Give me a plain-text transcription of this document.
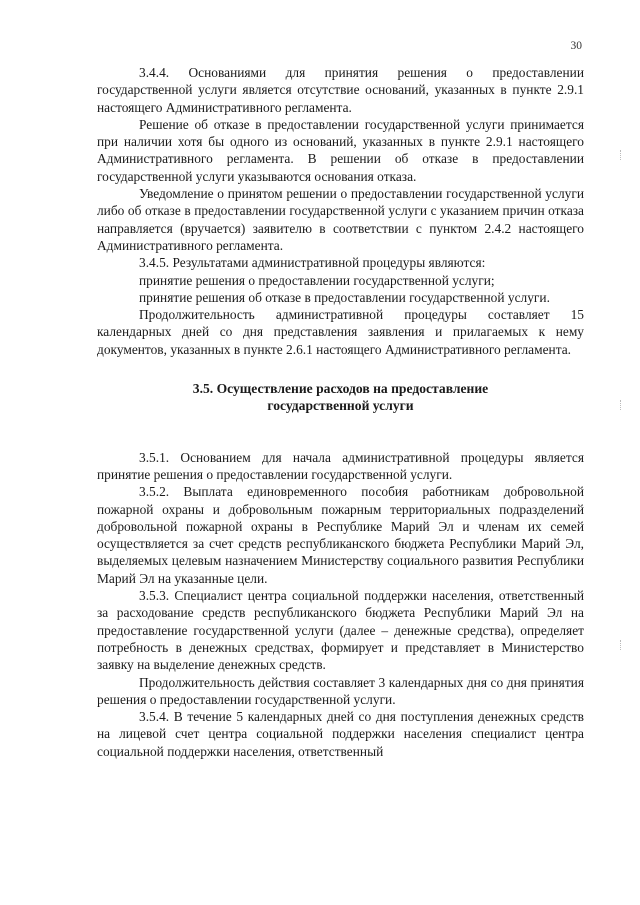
30

3.4.4. Основаниями для принятия решения о предоставлении государственной услуги является отсутствие оснований, указанных в пункте 2.9.1 настоящего Административного регламента.

Решение об отказе в предоставлении государственной услуги принимается при наличии хотя бы одного из оснований, указанных в пункте 2.9.1 настоящего Административного регламента. В решении об отказе в предоставлении государственной услуги указываются основания отказа.

Уведомление о принятом решении о предоставлении государственной услуги либо об отказе в предоставлении государственной услуги с указанием причин отказа направляется (вручается) заявителю в соответствии с пунктом 2.4.2 настоящего Административного регламента.

3.4.5. Результатами административной процедуры являются:

принятие решения о предоставлении государственной услуги;

принятие решения об отказе в предоставлении государственной услуги.

Продолжительность административной процедуры составляет 15 календарных дней со дня представления заявления и прилагаемых к нему документов, указанных в пункте 2.6.1 настоящего Административного регламента.

3.5. Осуществление расходов на предоставление
государственной услуги

3.5.1. Основанием для начала административной процедуры является принятие решения о предоставлении государственной услуги.

3.5.2. Выплата единовременного пособия работникам добровольной пожарной охраны и добровольным пожарным территориальных подразделений добровольной пожарной охраны в Республике Марий Эл и членам их семей осуществляется за счет средств республиканского бюджета Республики Марий Эл, выделяемых целевым назначением Министерству социального развития Республики Марий Эл на указанные цели.

3.5.3. Специалист центра социальной поддержки населения, ответственный за расходование средств республиканского бюджета Республики Марий Эл на предоставление государственной услуги (далее – денежные средства), определяет потребность в денежных средствах, формирует и представляет в Министерство заявку на выделение денежных средств.

Продолжительность действия составляет 3 календарных дня со дня принятия решения о предоставлении государственной услуги.

3.5.4. В течение 5 календарных дней со дня поступления денежных средств на лицевой счет центра социальной поддержки населения специалист центра социальной поддержки населения, ответственный
